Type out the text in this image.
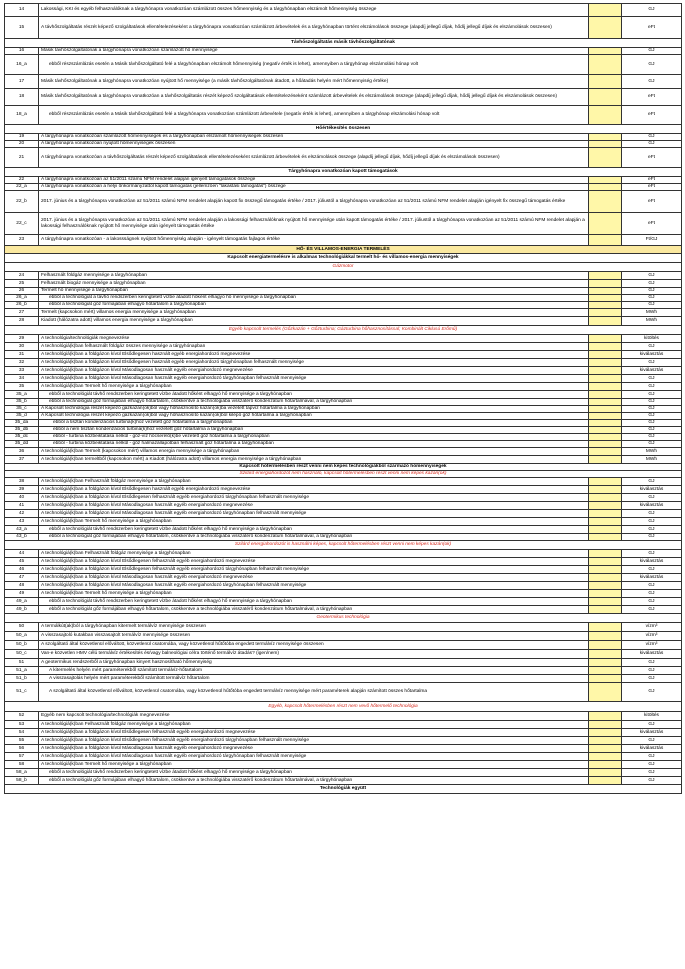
14	Lakossági, KKI és egyéb felhasználóknak a tárgyhónapra vonatkozóan számlázott összes hőmennyiség és a tárgyhónapban elszámolt hőmennyiség összege		GJ
15	A távhőszolgáltatás részét képező szolgáltatások ellentételezéseként a tárgyhónapra vonatkozóan számlázott árbevételek és a tárgyhónapban történt elszámolások összege (alapdíj jellegű díjak, hődíj jellegű díjak és elszámolások összesen)		eFt
Távhőszolgáltatás másik távhőszolgáltatónak			
16	Másik távhőszolgáltatónak a tárgyhónapra vonatkozóan számlázott hő mennyisége		GJ
16_a	ebből részszámlázás esetén a Másik távhőszolgáltató felé a tárgyhónapban elszámolt hőmennyiség (negatív érték is lehet), amennyiben a tárgyhónap elszámolási hónap volt		GJ
17	Másik távhőszolgáltatónak a tárgyhónapra vonatkozóan nyújtott hő mennyisége (a másik távhőszolgáltatónak átadott, a hőátadás helyén mért hőmennyiség értéke)		GJ
18	Másik távhőszolgáltatónak a tárgyhónapra vonatkozóan a távhőszolgáltatás részét képező szolgáltatások ellentételezéseként számlázott árbevételek és elszámolások összege (alapdíj jellegű díjak, hődíj jellegű díjak és elszámolások összesen)		eFt
18_a	ebből részszámlázás esetén a Másik távhőszolgáltató felé a tárgyhónapra vonatkozóan számlázott árbevétele (negatív érték is lehet), amennyiben a tárgyhónap elszámolási hónap volt		eFt
Hőértékesítés összesen			
19	A tárgyhónapra vonatkozóan számlázott hőmennyiségek és a tárgyhónapban elszámolt hőmennyiségek összesen		GJ
20	A tárgyhónapra vonatkozóan nyújtott hőmennyiségek összesen		GJ
21	A tárgyhónapra vonatkozóan a távhőszolgáltatás részét képező szolgáltatások ellentételezéseként számlázott árbevételek és elszámolások összege (alapdíj jellegű díjak, hődíj jellegű díjak és elszámolások összesen)		eFt
Tárgyhónapra vonatkozóan kapott támogatások			
22	A tárgyhónapra vonatkozóan az 51/2011 számú NFM rendelet alapján igényelt támogatások összege		eFt
22_a	A tárgyhónapra vonatkozóan a helyi önkormányzattól kapott támogatás (jellemzően "lakástási támogatás") összege		eFt
22_b	2017. június és a tárgyhónapra vonatkozóan az 51/2011 számú NFM rendelet alapján kapott fix összegű támogatás értéke / 2017. júliustól a tárgyhónapra vonatkozóan az 51/2011 számú NFM rendelet alapján igényelt fix összegű támogatás értéke		eFt
22_c	2017. június és a tárgyhónapra vonatkozóan az 51/2011 számú NFM rendelet alapján a lakossági felhasználóknak nyújtott hő mennyisége után kapott támogatás értéke / 2017. júliustól a tárgyhónapra vonatkozóan az 51/2011 számú NFM rendelet alapján a lakossági felhasználóknak nyújtott hő mennyisége után igényelt támogatás értéke		eFt
23	A tárgyhónapra vonatkozóan - a lakossságnek nyújtott hőmennyiség alapján - igényelt támogatás fajlagos értéke		Ft/GJ
HŐ- ÉS VILLAMOS-ENERGIA TERMELÉS			
Kapcsolt energiatermelésre is alkalmas technológiákkal termelt hő- és villamos-energia mennyiségek			
Gázmotor			
24	Felhasznált földgáz mennyisége a tárgyhónapban		GJ
25	Felhasznált biogáz mennyisége a tárgyhónapban		GJ
26	Termelt hő mennyisége a tárgyhónapban		GJ
26_a	ebből a technológiát a távhő rendszerben keringtetett vízbe átadott hőként elhagyó hő mennyisége a tárgyhónapban		GJ
26_b	ebből a technológiát gőz formájában elhagyó hőtartalom a tárgyhónapban		GJ
27	Termelt (kapcsokon mért) villamos energia mennyisége a tárgyhónapban		MWh
28	Kiadott (hálózatra adott) villamos energia mennyisége a tárgyhónapban		MWh
Egyéb kapcsolt termelés (Gőzkazán + Gőzturbina; Gázturbina hőhasznosítással; Kombinált Ciklusú Erőmű)			
29	A technológia/technológiák megnevezése		kitöltés
30	A technológiá(k)ban felhasznált földgáz összes mennyisége a tárgyhónapban		GJ
31	A technológiá(k)ban a földgázon kívül Elsődlegesen használt egyéb energiahordozó megnevezése		kiválasztás
32	A technológiá(k)ban a földgázon kívül Elsődlegesen használt egyéb energiahordozó tárgyhónapban felhasznált mennyisége		GJ
33	A technológiá(k)ban a földgázon kívül Másodlagosan használt egyéb energiahordozó megnevezése		kiválasztás
34	A technológiá(k)ban a földgázon kívül Másodlagosan használt egyéb energiahordozó tárgyhónapban felhasznált mennyisége		GJ
35	A technológiá(k)ban Termelt hő mennyisége a tárgyhónapban		GJ
35_a	ebből a technológiát távhő rendszerben keringtetett vízbe átadott hőként elhagyó hő mennyisége a tárgyhónapban		GJ
35_b	ebből a technológiát gőz formájában elhagyó hőtartalom, csökkentve a technológiába visszatérő kondenzátum hőtartalmával, a tárgyhónapban		GJ
35_c	A Kapcsolt technológia részét képező gázkazán(ok)ból vagy hőhasznosító kazán(ok)ba vezetett tápvíz hőtartalma a tárgyhónapban		GJ
35_d	A Kapcsolt technológia részét képező gázkazán(ok)ból vagy hőhasznosító kazán(ok)ból kilépő gőz hőtartalma a tárgyhónapban		GJ
35_da	ebből a tisztán kondenzációs turbiná(k)hoz vezetett gőz hőtartalma a tárgyhónapban		GJ
35_db	ebből a nem tisztán kondenzációs turbiná(k)hoz vezetett gőz hőtartalma a tárgyhónapban		GJ
35_dc	ebből - turbina közbeiktatása nélkül - gőz-víz hőcserélő(k)be vezetett gőz hőtartalma a tárgyhónapban		GJ
35_dd	ebből - turbina közbeiktatása nélkül - gőz halmazállapotban felhasznált gőz hőtartalma a tárgyhónapban		GJ
36	A technológiá(k)ban Termelt (kapcsokon mért) villamos energia mennyisége a tárgyhónapban		MWh
37	A technológiá(k)ban termeltből (kapcsokon mért) a Kiadott (hálózatra adott) villamos energia mennyisége a tárgyhónapban		MWh
Kapcsolt hőtermelésben részt venni nem képes technológiákból származó hőmennyiségek			
Szilárd energiahordozót nem használó, kapcsolt hőtermelésben részt venni nem képes kazán(ok)			
38	A technológiá(k)ban Felhasznált földgáz mennyisége a tárgyhónapban		GJ
39	A technológiá(k)ban a földgázon kívül Elsődlegesen használt egyéb energiahordozó megnevezése		kiválasztás
40	A technológiá(k)ban a földgázon kívül Elsődlegesen felhasznált egyéb energiahordozó tárgyhónapban felhasznált mennyisége		GJ
41	A technológiá(k)ban a földgázon kívül Másodlagosan használt egyéb energiahordozó megnevezése		kiválasztás
42	A technológiá(k)ban a földgázon kívül Másodlagosan használt egyéb energiahordozó tárgyhónapban felhasznált mennyisége		GJ
43	A technológiá(k)ban Termelt hő mennyisége a tárgyhónapban		GJ
43_a	ebből a technológiát távhő rendszerben keringtetett vízbe átadott hőként elhagyó hő mennyisége a tárgyhónapban		GJ
43_b	ebből a technológiát gőz formájában elhagyó hőtartalom, csökkentve a technológiába visszatérő kondenzátum hőtartalmával, a tárgyhónapban		GJ
Szilárd energiahordozót is használni képes, kapcsolt hőtermelésben részt venni nem képes kazán(ok)			
44	A technológiá(k)ban Felhasznált földgáz mennyisége a tárgyhónapban		GJ
45	A technológiá(k)ban a földgázon kívül Elsődlegesen felhasznált egyéb energiahordozó megnevezése		kiválasztás
46	A technológiá(k)ban a földgázon kívül Elsődlegesen felhasznált egyéb energiahordozó tárgyhónapban felhasznált mennyisége		GJ
47	A technológiá(k)ban a földgázon kívül Másodlagosan használt egyéb energiahordozó megnevezése		kiválasztás
48	A technológiá(k)ban a földgázon kívül Másodlagosan használt egyéb energiahordozó tárgyhónapban felhasznált mennyisége		GJ
49	A technológiá(k)ban Termelt hő mennyisége a tárgyhónapban		GJ
49_a	ebből a technológiát távhő rendszerben keringtetett vízbe átadott hőként elhagyó hő mennyisége a tárgyhónapban		GJ
49_b	ebből a technológiát gőz formájában elhagyó hőtartalom, csökkentve a technológiába visszatérő kondenzátum hőtartalmával, a tárgyhónapban		GJ
Geotermikus technológia			
50	A termálkút(ak)ból a tárgyhónapban kitermelt termálvíz mennyisége összesen		vízm³
50_a	A visszasajtoló kutakban visszasajtolt termálvíz mennyisége összesen		vízm³
50_b	A szolgáltató által közvetlenül előváltott, közvetlenül csatornába, vagy közvetlenül hűtőtóba engedett termálvíz mennyisége összesen		vízm³
50_c	Van-e közvetlen HMV célú termálvíz értékesítés és/vagy balneológiai célra történő termálvíz átadás? (igen/nem)		kiválasztás
51	A geotermikus rendszerből a tárgyhónapban kinyert hasznosítható hőmennyiség		GJ
51_a	A kitermelés helyén mért paraméterekből számított termálvíz-hőtartalom		GJ
51_b	A visszasajtolás helyén mért paraméterekből számított termálvíz hőtartalom		GJ
51_c	A szolgáltató által közvetlenül előváltott, közvetlenül csatornába, vagy közvetlenül hűtőtóba engedett termálvíz mennyisége mért paraméterek alapján számított összes hőtartalma		GJ
Egyéb, kapcsolt hőtermelésben részt nem vevő hőtermelő technológia			
52	Egyéb nem kapcsolt technológia/technológiák megnevezése		kitöltés
53	A technológiá(k)ban Felhasznált földgáz mennyisége a tárgyhónapban		GJ
54	A technológiá(k)ban a földgázon kívül Elsődlegesen felhasznált egyéb energiahordozó megnevezése		kiválasztás
55	A technológiá(k)ban a földgázon kívül Elsődlegesen felhasznált egyéb energiahordozó tárgyhónapban felhasznált mennyisége		GJ
56	A technológiá(k)ban a földgázon kívül Másodlagosan használt egyéb energiahordozó megnevezése		kiválasztás
57	A technológiá(k)ban a földgázon kívül Másodlagosan használt egyéb energiahordozó tárgyhónapban felhasznált mennyisége		GJ
58	A technológiá(k)ban Termelt hő mennyisége a tárgyhónapban		GJ
58_a	ebből a technológiát távhő rendszerben keringtetett vízbe átadott hőként elhagyó hő mennyisége a tárgyhónapban		GJ
58_b	ebből a technológiát gőz formájában elhagyó hőtartalom, csökkentve a technológiába visszatérő kondenzátum hőtartalmával, a tárgyhónapban		GJ
Technológiák együtt			
